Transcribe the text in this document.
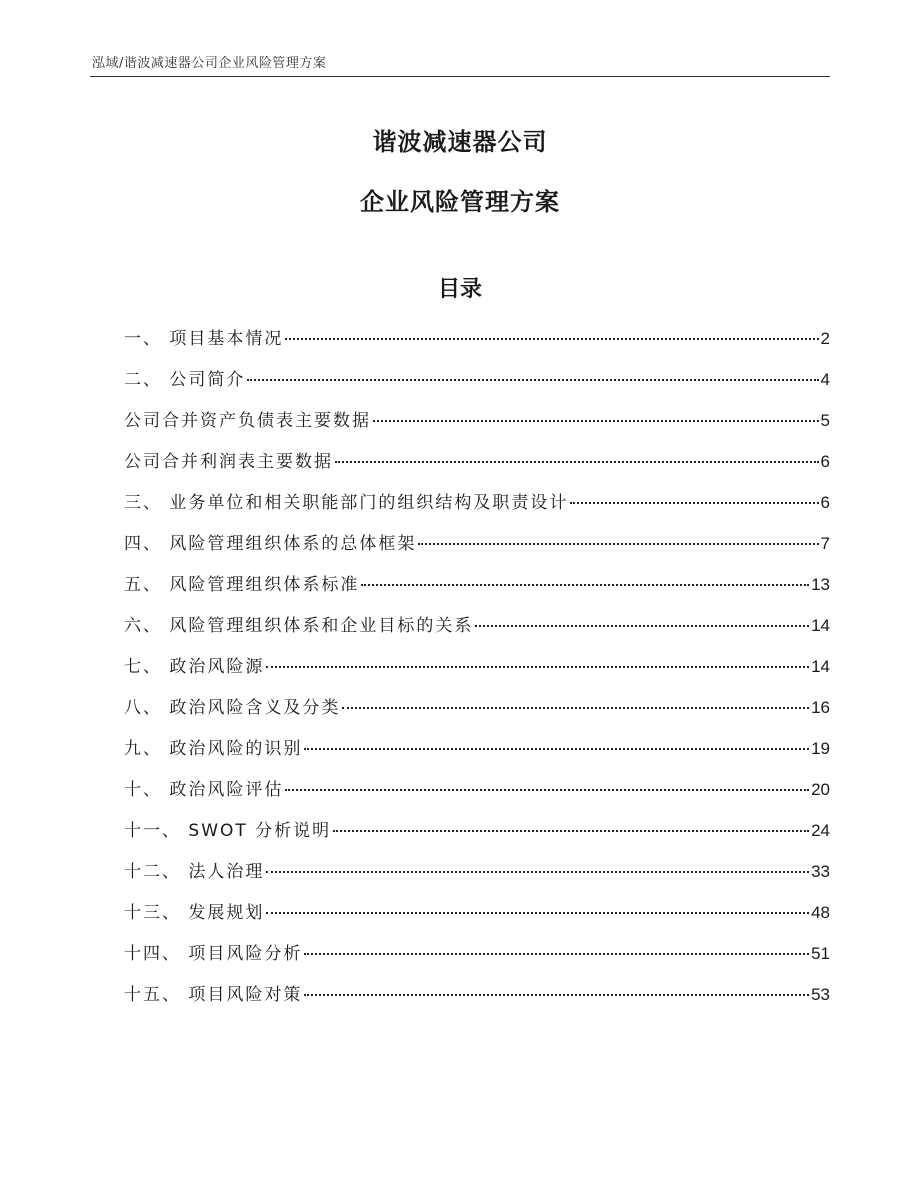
泓域/谐波减速器公司企业风险管理方案
谐波减速器公司
企业风险管理方案
目录
一、 项目基本情况	2
二、 公司简介	4
公司合并资产负债表主要数据	5
公司合并利润表主要数据	6
三、 业务单位和相关职能部门的组织结构及职责设计	6
四、 风险管理组织体系的总体框架	7
五、 风险管理组织体系标准	13
六、 风险管理组织体系和企业目标的关系	14
七、 政治风险源	14
八、 政治风险含义及分类	16
九、 政治风险的识别	19
十、 政治风险评估	20
十一、 SWOT 分析说明	24
十二、 法人治理	33
十三、 发展规划	48
十四、 项目风险分析	51
十五、 项目风险对策	53
